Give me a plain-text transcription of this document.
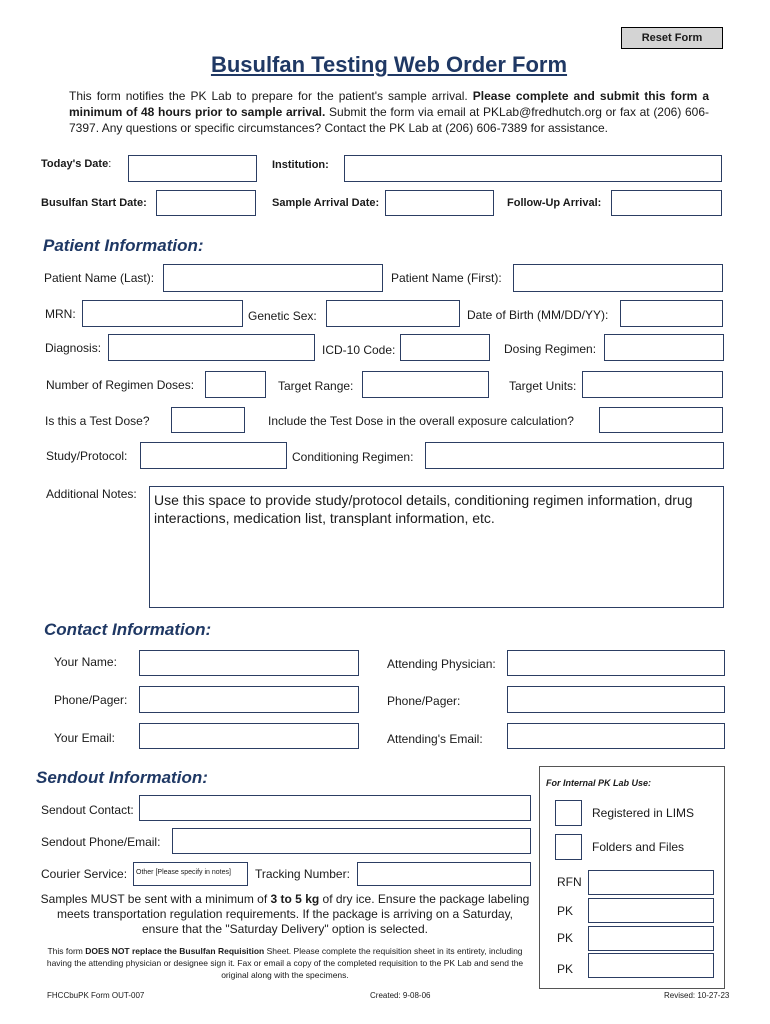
Reset Form
Busulfan Testing Web Order Form
This form notifies the PK Lab to prepare for the patient's sample arrival. Please complete and submit this form a minimum of 48 hours prior to sample arrival. Submit the form via email at PKLab@fredhutch.org or fax at (206) 606-7397. Any questions or specific circumstances? Contact the PK Lab at (206) 606-7389 for assistance.
Today's Date:	Institution:
Busulfan Start Date:	Sample Arrival Date:	Follow-Up Arrival:
Patient Information:
Patient Name (Last):	Patient Name (First):
MRN:	Genetic Sex:	Date of Birth (MM/DD/YY):
Diagnosis:	ICD-10 Code:	Dosing Regimen:
Number of Regimen Doses:	Target Range:	Target Units:
Is this a Test Dose?	Include the Test Dose in the overall exposure calculation?
Study/Protocol:	Conditioning Regimen:
Additional Notes:	Use this space to provide study/protocol details, conditioning regimen information, drug interactions, medication list, transplant information, etc.
Contact Information:
Your Name:	Attending Physician:
Phone/Pager:	Phone/Pager:
Your Email:	Attending's Email:
Sendout Information:
Sendout Contact:
Sendout Phone/Email:
Courier Service:	Other [Please specify in notes]	Tracking Number:
Samples MUST be sent with a minimum of 3 to 5 kg of dry ice. Ensure the package labeling meets transportation regulation requirements. If the package is arriving on a Saturday, ensure that the "Saturday Delivery" option is selected.
This form DOES NOT replace the Busulfan Requisition Sheet. Please complete the requisition sheet in its entirety, including having the attending physician or designee sign it. Fax or email a copy of the completed requisition to the PK Lab and send the original along with the specimens.
For Internal PK Lab Use:
Registered in LIMS
Folders and Files
RFN
PK
PK
PK
FHCCbuPK Form OUT-007	Created: 9-08-06	Revised: 10-27-23
